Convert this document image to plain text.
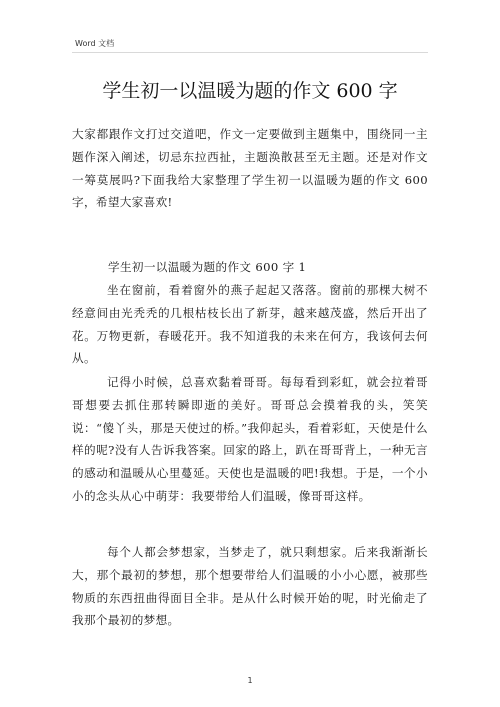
Word 文档
学生初一以温暖为题的作文 600 字

大家都跟作文打过交道吧，作文一定要做到主题集中，围绕同一主题作深入阐述，切忌东拉西扯，主题涣散甚至无主题。还是对作文一筹莫展吗?下面我给大家整理了学生初一以温暖为题的作文 600 字，希望大家喜欢!

学生初一以温暖为题的作文 600 字 1

坐在窗前，看着窗外的燕子起起又落落。窗前的那棵大树不经意间由光秃秃的几根枯枝长出了新芽，越来越茂盛，然后开出了花。万物更新，春暖花开。我不知道我的未来在何方，我该何去何从。

记得小时候，总喜欢黏着哥哥。每每看到彩虹，就会拉着哥哥想要去抓住那转瞬即逝的美好。哥哥总会摸着我的头，笑笑说：“傻丫头，那是天使过的桥。”我仰起头，看着彩虹，天使是什么样的呢?没有人告诉我答案。回家的路上，趴在哥哥背上，一种无言的感动和温暖从心里蔓延。天使也是温暖的吧!我想。于是，一个小小的念头从心中萌芽：我要带给人们温暖，像哥哥这样。

每个人都会梦想家，当梦走了，就只剩想家。后来我渐渐长大，那个最初的梦想，那个想要带给人们温暖的小小心愿，被那些物质的东西扭曲得面目全非。是从什么时候开始的呢，时光偷走了我那个最初的梦想。

1
